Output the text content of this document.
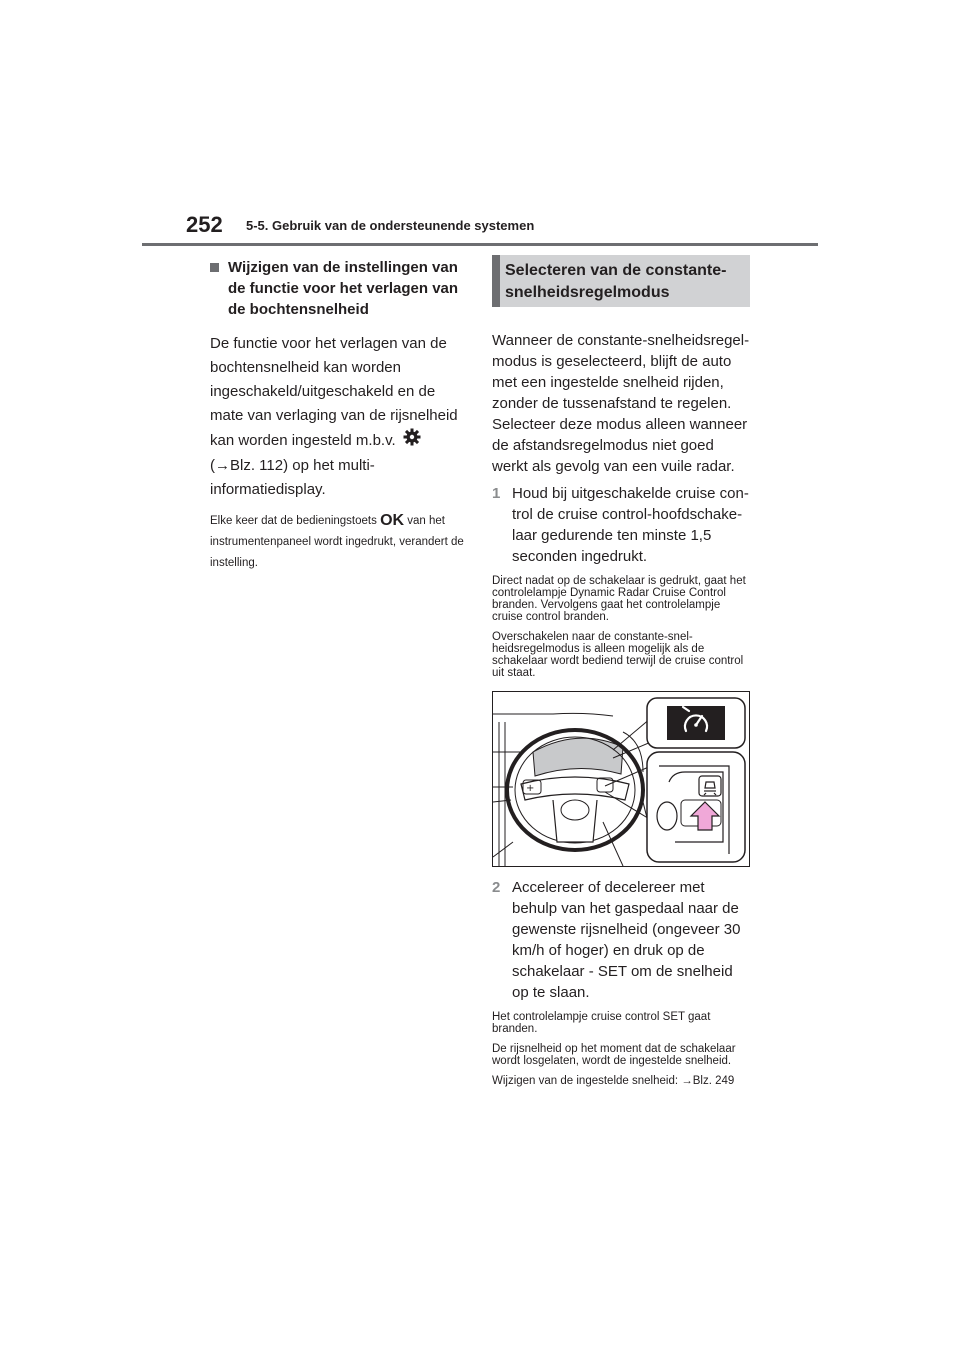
252 5-5. Gebruik van de ondersteunende systemen
Wijzigen van de instellingen van de functie voor het verlagen van de bochtensnelheid

De functie voor het verlagen van de bochtensnelheid kan worden ingeschakeld/uitgeschakeld en de mate van verlaging van de rijsnelheid kan worden ingesteld m.b.v.  (→Blz. 112) op het multi-informatiedisplay.

Elke keer dat de bedieningstoets OK van het instrumentenpaneel wordt ingedrukt, verandert de instelling.

Selecteren van de constante-snelheidsregelmodus

Wanneer de constante-snelheidsregelmodus is geselecteerd, blijft de auto met een ingestelde snelheid rijden, zonder de tussenafstand te regelen. Selecteer deze modus alleen wanneer de afstandsregelmodus niet goed werkt als gevolg van een vuile radar.

1 Houd bij uitgeschakelde cruise control de cruise control-hoofdschakelaar gedurende ten minste 1,5 seconden ingedrukt.

Direct nadat op de schakelaar is gedrukt, gaat het controlelampje Dynamic Radar Cruise Control branden. Vervolgens gaat het controlelampje cruise control branden.

Overschakelen naar de constante-snelheidsregelmodus is alleen mogelijk als de schakelaar wordt bediend terwijl de cruise control uit staat.

+
2 Accelereer of decelereer met behulp van het gaspedaal naar de gewenste rijsnelheid (ongeveer 30 km/h of hoger) en druk op de schakelaar - SET om de snelheid op te slaan.

Het controlelampje cruise control SET gaat branden.

De rijsnelheid op het moment dat de schakelaar wordt losgelaten, wordt de ingestelde snelheid.

Wijzigen van de ingestelde snelheid: →Blz. 249
